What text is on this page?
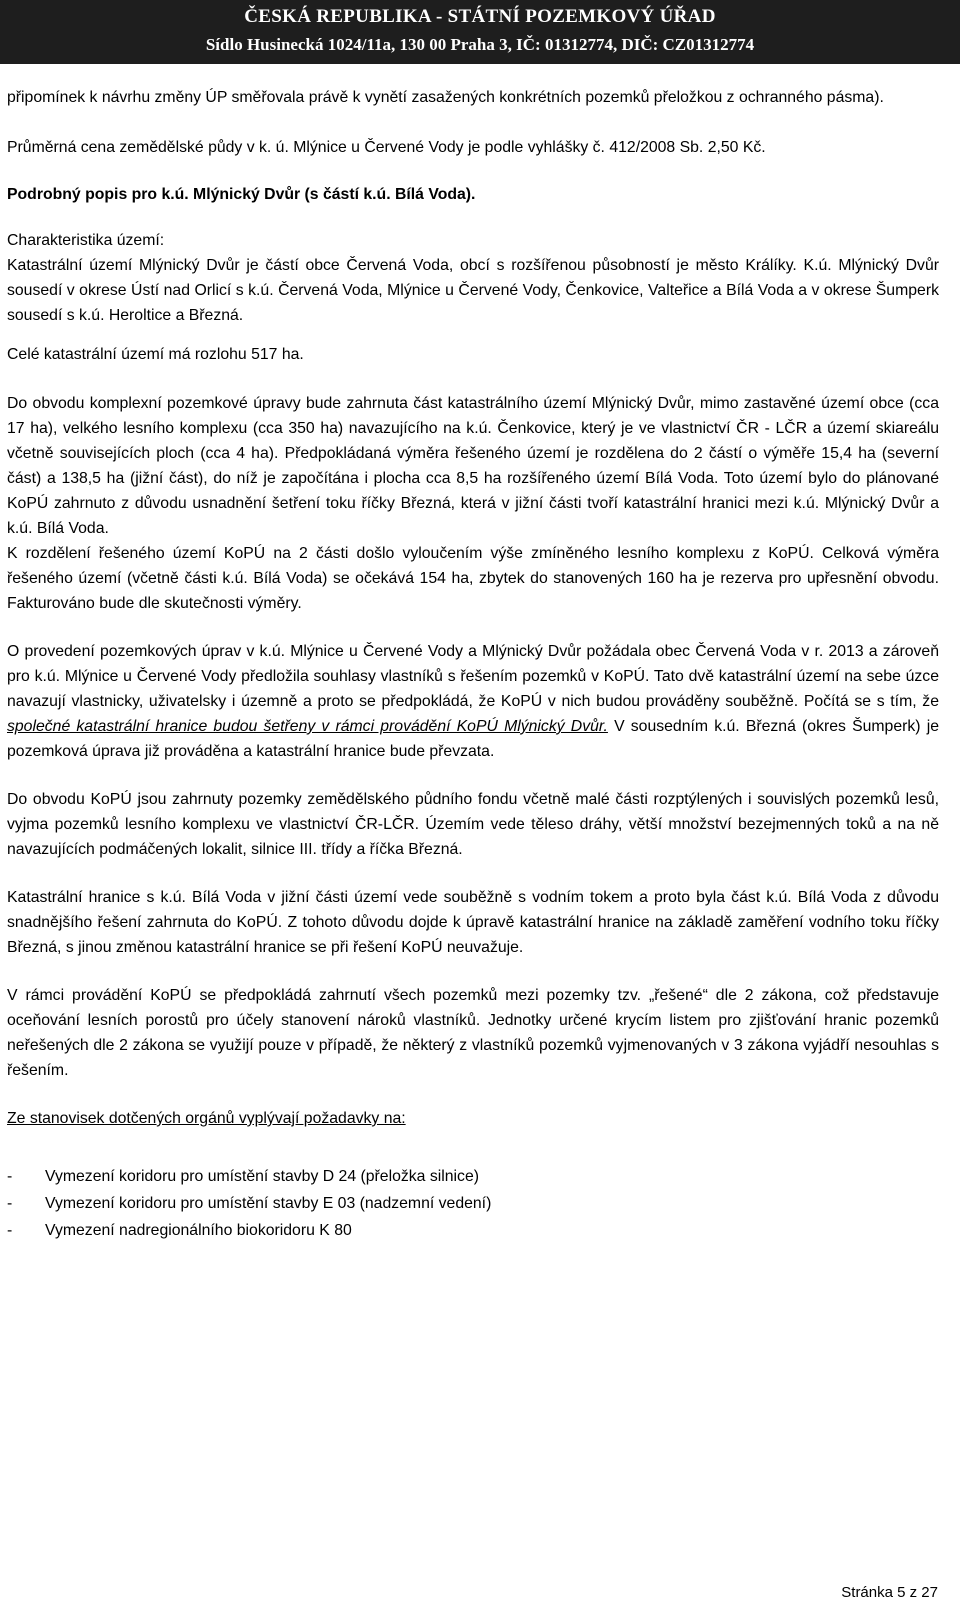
ČESKÁ REPUBLIKA - STÁTNÍ POZEMKOVÝ ÚŘAD
Sídlo Husinecká 1024/11a, 130 00 Praha 3, IČ: 01312774, DIČ: CZ01312774

připomínek k návrhu změny ÚP směřovala právě k vynětí zasažených konkrétních pozemků přeložkou z ochranného pásma).

Průměrná cena zemědělské půdy v k. ú. Mlýnice u Červené Vody je podle vyhlášky č. 412/2008 Sb. 2,50 Kč.

Podrobný popis pro k.ú. Mlýnický Dvůr (s částí k.ú. Bílá Voda).

Charakteristika území:

Katastrální území Mlýnický Dvůr je částí obce Červená Voda, obcí s rozšířenou působností je město Králíky. K.ú. Mlýnický Dvůr sousedí v okrese Ústí nad Orlicí s k.ú. Červená Voda, Mlýnice u Červené Vody, Čenkovice, Valteřice a Bílá Voda a v okrese Šumperk sousedí s k.ú. Heroltice a Březná.

Celé katastrální území má rozlohu 517 ha.

Do obvodu komplexní pozemkové úpravy bude zahrnuta část katastrálního území Mlýnický Dvůr, mimo zastavěné území obce (cca 17 ha), velkého lesního komplexu (cca 350 ha) navazujícího na k.ú. Čenkovice, který je ve vlastnictví ČR - LČR a území skiareálu včetně souvisejících ploch (cca 4 ha). Předpokládaná výměra řešeného území je rozdělena do 2 částí o výměře 15,4 ha (severní část) a 138,5 ha (jižní část), do níž je započítána i plocha cca 8,5 ha rozšířeného území Bílá Voda. Toto území bylo do plánované KoPÚ zahrnuto z důvodu usnadnění šetření toku říčky Březná, která v jižní části tvoří katastrální hranici mezi k.ú. Mlýnický Dvůr a k.ú. Bílá Voda.

K rozdělení řešeného území KoPÚ na 2 části došlo vyloučením výše zmíněného lesního komplexu z KoPÚ. Celková výměra řešeného území (včetně části k.ú. Bílá Voda) se očekává 154 ha, zbytek do stanovených 160 ha je rezerva pro upřesnění obvodu. Fakturováno bude dle skutečnosti výměry.

O provedení pozemkových úprav v k.ú. Mlýnice u Červené Vody a Mlýnický Dvůr požádala obec Červená Voda v r. 2013 a zároveň pro k.ú. Mlýnice u Červené Vody předložila souhlasy vlastníků s řešením pozemků v KoPÚ. Tato dvě katastrální území na sebe úzce navazují vlastnicky, uživatelsky i územně a proto se předpokládá, že KoPÚ v nich budou prováděny souběžně. Počítá se s tím, že společné katastrální hranice budou šetřeny v rámci provádění KoPÚ Mlýnický Dvůr. V sousedním k.ú. Březná (okres Šumperk) je pozemková úprava již prováděna a katastrální hranice bude převzata.

Do obvodu KoPÚ jsou zahrnuty pozemky zemědělského půdního fondu včetně malé části rozptýlených i souvislých pozemků lesů, vyjma pozemků lesního komplexu ve vlastnictví ČR-LČR. Územím vede těleso dráhy, větší množství bezejmenných toků a na ně navazujících podmáčených lokalit, silnice III. třídy a říčka Březná.

Katastrální hranice s k.ú. Bílá Voda v jižní části území vede souběžně s vodním tokem a proto byla část k.ú. Bílá Voda z důvodu snadnějšího řešení zahrnuta do KoPÚ. Z tohoto důvodu dojde k úpravě katastrální hranice na základě zaměření vodního toku říčky Březná, s jinou změnou katastrální hranice se při řešení KoPÚ neuvažuje.

V rámci provádění KoPÚ se předpokládá zahrnutí všech pozemků mezi pozemky tzv. „řešené“ dle 2 zákona, což představuje oceňování lesních porostů pro účely stanovení nároků vlastníků. Jednotky určené krycím listem pro zjišťování hranic pozemků neřešených dle 2 zákona se využijí pouze v případě, že některý z vlastníků pozemků vyjmenovaných v 3 zákona vyjádří nesouhlas s řešením.

Ze stanovisek dotčených orgánů vyplývají požadavky na:

-	Vymezení koridoru pro umístění stavby D 24 (přeložka silnice)
-	Vymezení koridoru pro umístění stavby E 03 (nadzemní vedení)
-	Vymezení nadregionálního biokoridoru K 80
Stránka 5 z 27
